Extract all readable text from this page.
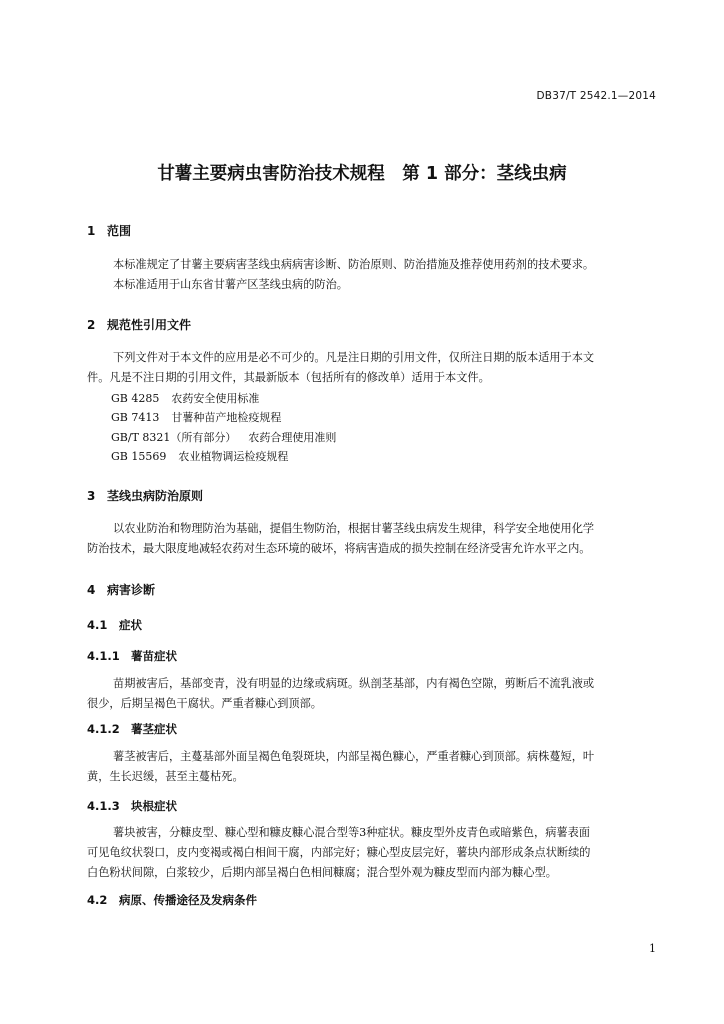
DB37/T 2542.1—2014
甘薯主要病虫害防治技术规程　第 1 部分：茎线虫病
1 范围
本标准规定了甘薯主要病害茎线虫病病害诊断、防治原则、防治措施及推荐使用药剂的技术要求。
本标准适用于山东省甘薯产区茎线虫病的防治。
2 规范性引用文件
下列文件对于本文件的应用是必不可少的。凡是注日期的引用文件，仅所注日期的版本适用于本文
件。凡是不注日期的引用文件，其最新版本（包括所有的修改单）适用于本文件。
GB 4285 农药安全使用标准
GB 7413 甘薯种苗产地检疫规程
GB/T 8321（所有部分） 农药合理使用准则
GB 15569 农业植物调运检疫规程
3 茎线虫病防治原则
以农业防治和物理防治为基础，提倡生物防治，根据甘薯茎线虫病发生规律，科学安全地使用化学
防治技术，最大限度地减轻农药对生态环境的破坏，将病害造成的损失控制在经济受害允许水平之内。
4 病害诊断
4.1 症状
4.1.1 薯苗症状
苗期被害后，基部变青，没有明显的边缘或病斑。纵剖茎基部，内有褐色空隙，剪断后不流乳液或
很少，后期呈褐色干腐状。严重者糠心到顶部。
4.1.2 薯茎症状
薯茎被害后，主蔓基部外面呈褐色龟裂斑块，内部呈褐色糠心，严重者糠心到顶部。病株蔓短，叶
黄，生长迟缓，甚至主蔓枯死。
4.1.3 块根症状
薯块被害，分糠皮型、糠心型和糠皮糠心混合型等3种症状。糠皮型外皮青色或暗紫色，病薯表面
可见龟纹状裂口，皮内变褐或褐白相间干腐，内部完好；糠心型皮层完好，薯块内部形成条点状断续的
白色粉状间隙，白浆较少，后期内部呈褐白色相间糠腐；混合型外观为糠皮型而内部为糠心型。
4.2 病原、传播途径及发病条件
1
